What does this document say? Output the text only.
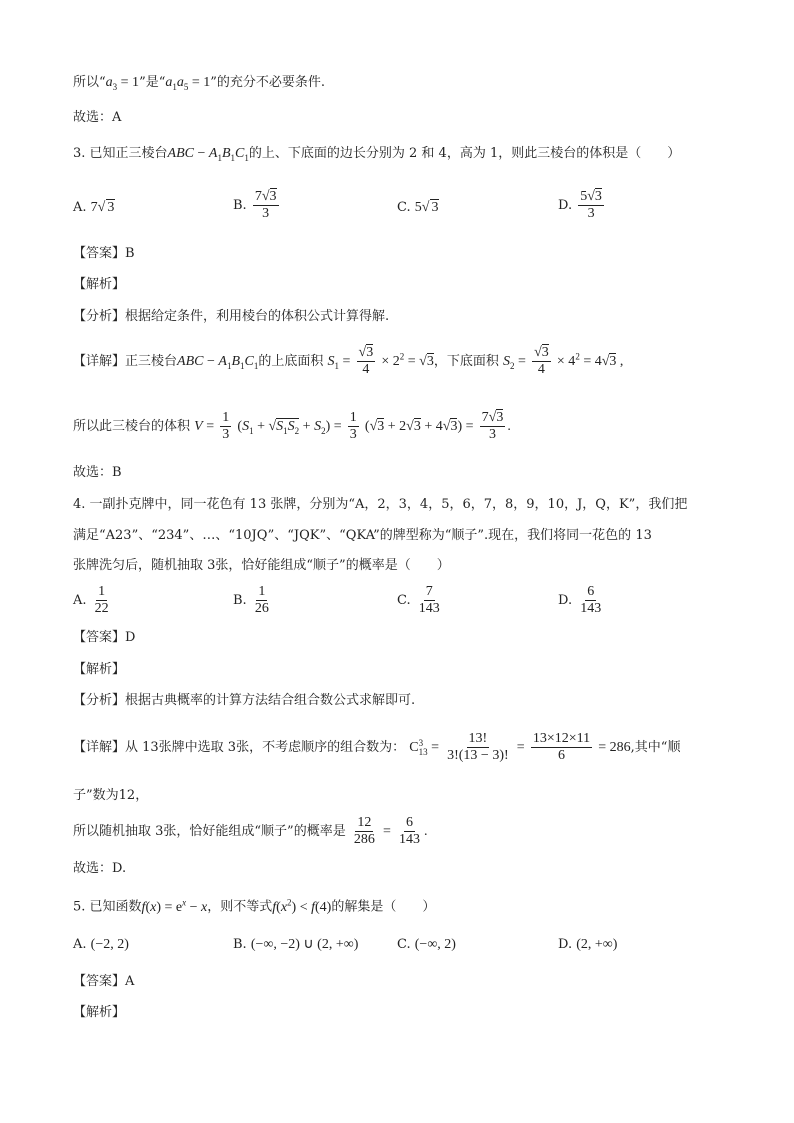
所以“$a_3 = 1$”是“$a_1a_5 = 1$”的充分不必要条件.
故选：A
3. 已知正三棱台ABC − $A_1B_1C_1$的上、下底面的边长分别为 2 和 4，高为 1，则此三棱台的体积是（　　）
A. 7√ 3	B. $\frac{7√3}{3}$	C. 5√ 3	D. $\frac{5√3}{3}$
【答案】B
【解析】
【分析】根据给定条件，利用棱台的体积公式计算得解.
【详解】正三棱台ABC − $A_1B_1C_1$的上底面积 $S_1 = \frac{√3}{4} \times 2^2 = √3$，下底面积 $S_2 = \frac{√3}{4} \times 4^2 = 4√3$ ,
所以此三棱台的体积 $V = \frac{1}{3} (S_1 + √S_1S_2 + S_2) = \frac{1}{3} (√3 + 2√3 + 4√3) = \frac{7√3}{3}$ .
故选：B
4. 一副扑克牌中，同一花色有 13 张牌，分别为“A，2，3，4，5，6，7，8，9，10，J，Q，K”，我们把
满足“A23”、“234”、…、“10JQ”、“JQK”、“QKA”的牌型称为“顺子”.现在，我们将同一花色的 13
张牌洗匀后，随机抽取 3张，恰好能组成“顺子”的概率是（　　）
A. $\frac{1}{22}$	B. $\frac{1}{26}$	C. $\frac{7}{143}$	D. $\frac{6}{143}$
【答案】D
【解析】
【分析】根据古典概率的计算方法结合组合数公式求解即可.
【详解】从 13张牌中选取 3张，不考虑顺序的组合数为： C 3
$13 = \frac{13!}{3!(13 - 3)!} = \frac{13\times 12\times 11}{6} = 286$,其中“顺
子”数为12，
所以随机抽取 3张，恰好能组成“顺子”的概率是 $\frac{12}{286} = \frac{6}{143}$ .
故选：D.
5. 已知函数$f(x) = e^x - x$，则不等式$f(x^2) < f(4)$的解集是（　　）
A. (−2, 2)	B. (−∞, −2) ∪ (2, +∞)	C. (−∞, 2)	D. (2, +∞)
【答案】A
【解析】
